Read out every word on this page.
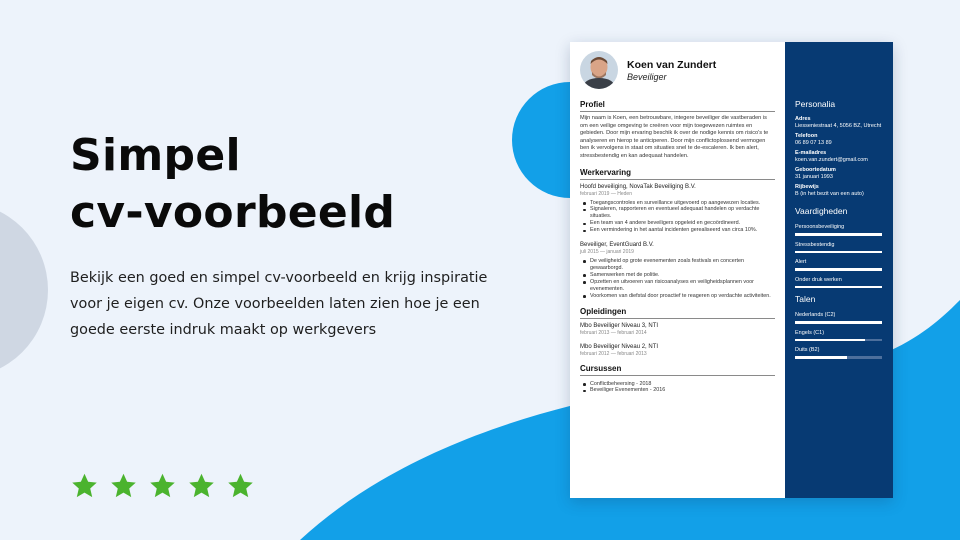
Simpel
cv-voorbeeld

Bekijk een goed en simpel cv-voorbeeld en krijg inspiratie voor je eigen cv. Onze voorbeelden laten zien hoe je een goede eerste indruk maakt op werkgevers

Koen van Zundert
Beveiliger
Profiel
Mijn naam is Koen, een betrouwbare, integere beveiliger die vastberaden is om een veilige omgeving te creëren voor mijn toegewezen ruimtes en gebieden. Door mijn ervaring beschik ik over de nodige kennis om risico's te analyseren en hierop te anticiperen. Door mijn conflictoplossend vermogen ben ik vervolgens in staat om situaties snel te de-escaleren. Ik ben alert, stressbestendig en kan adequaat handelen.
Werkervaring
Hoofd beveiliging, NovaTak Beveiliging B.V.
februari 2019 — Heden
Toegangscontroles en surveillance uitgevoerd op aangewezen locaties.
Signaleren, rapporteren en eventueel adequaat handelen op verdachte situaties.
Een team van 4 andere beveiligers opgeleid en gecoördineerd.
Een vermindering in het aantal incidenten gerealiseerd van circa 10%.
Beveiliger, EventGuard B.V.
juli 2015 — januari 2019
De veiligheid op grote evenementen zoals festivals en concerten gewaarborgd.
Samenwerken met de politie.
Opzetten en uitvoeren van risicoanalyses en veiligheidsplannen voor evenementen.
Voorkomen van diefstal door proactief te reageren op verdachte activiteiten.
Opleidingen
Mbo Beveiliger Niveau 3, NTI
februari 2013 — februari 2014
Mbo Beveiliger Niveau 2, NTI
februari 2012 — februari 2013
Cursussen
Conflictbeheersing - 2018
Beveiliger Evenementen - 2016
Personalia
Adres
Liesseniestraat 4, 5056 BZ, Utrecht
Telefoon
06 89 07 13 89
E-mailadres
koen.van.zundert@gmail.com
Geboortedatum
31 januari 1993
Rijbewijs
B (in het bezit van een auto)
Vaardigheden
Persoonsbeveiliging
Stressbestendig
Alert
Onder druk werken
Talen
Nederlands (C2)
Engels (C1)
Duits (B2)
